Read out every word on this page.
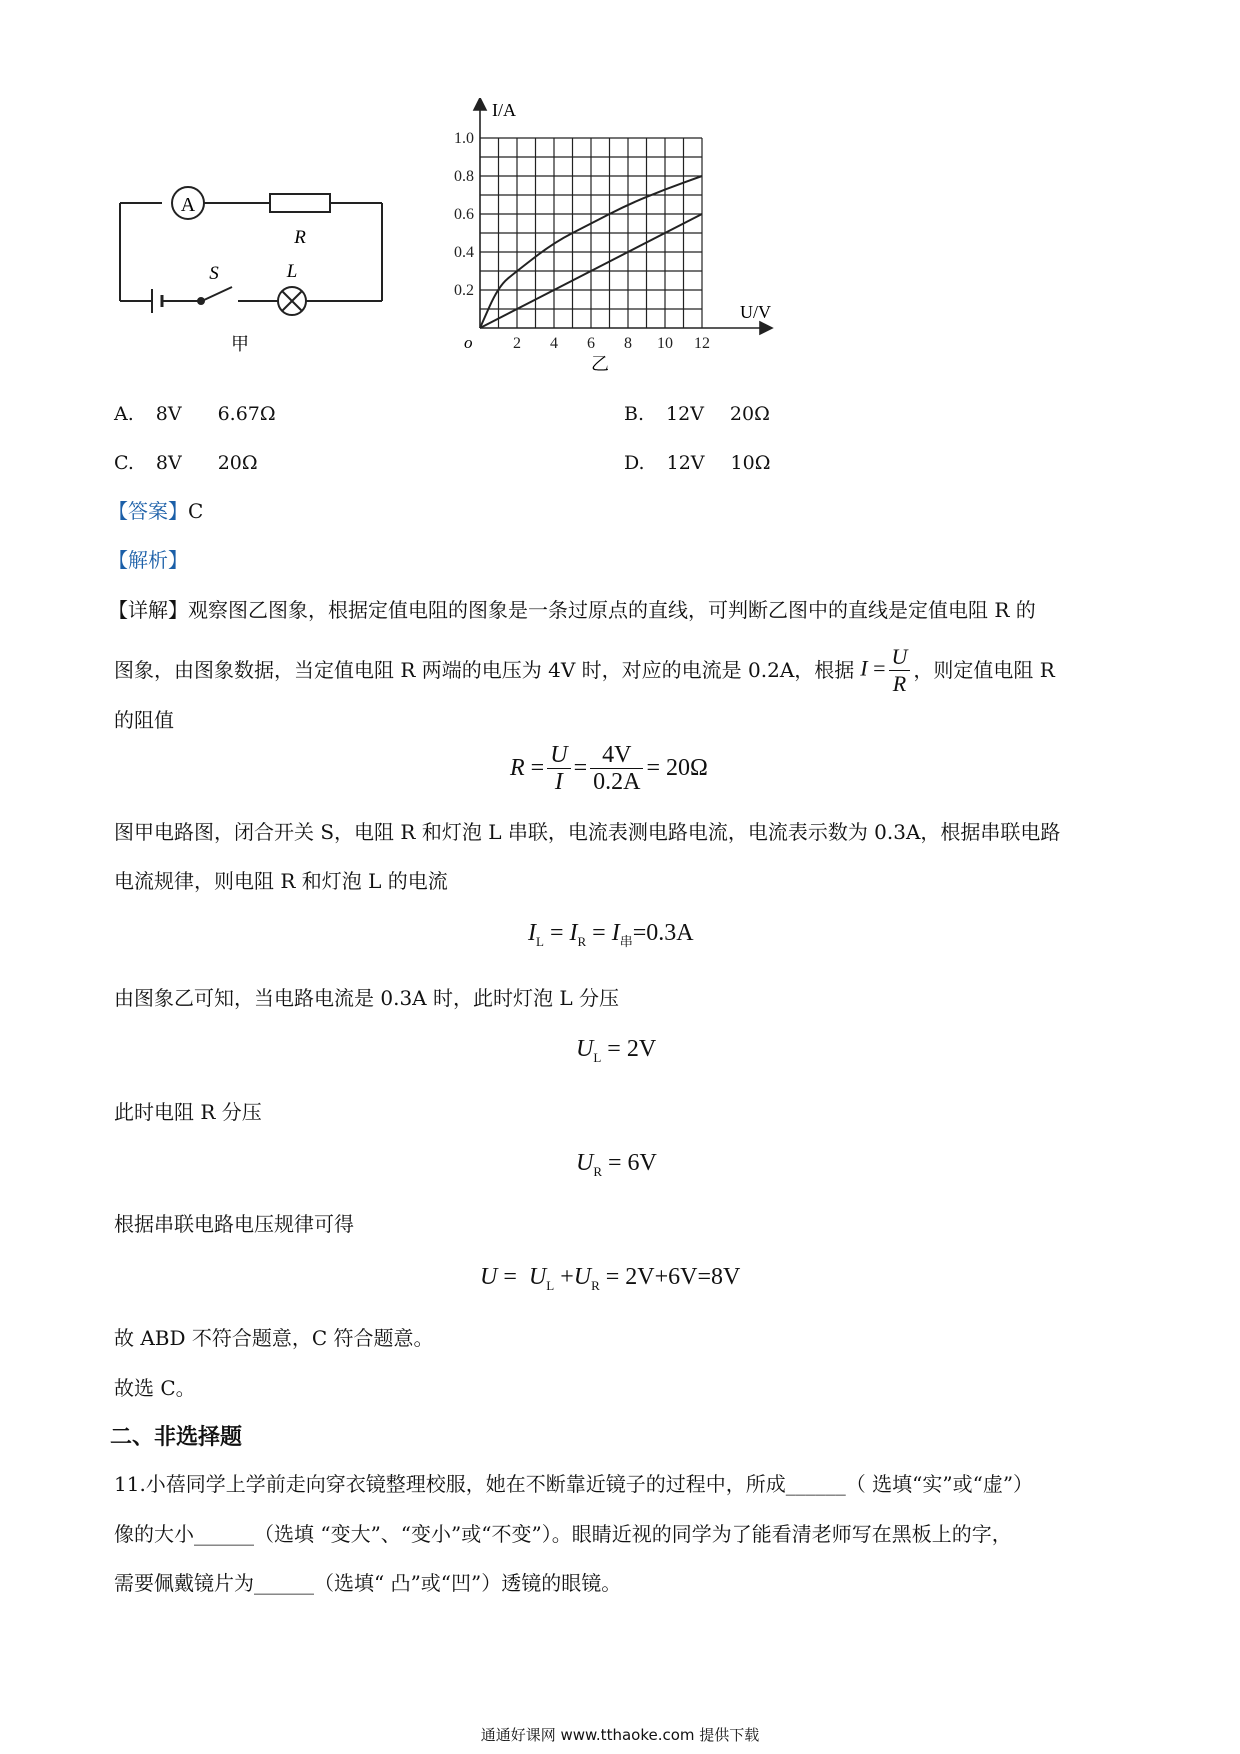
A
R
S	L
甲	2 4 6 8 10 12
0.2
0.4
0.6
0.8
1.0
I/A
U/V
o
乙
A. 8V 6.67Ω	B. 12V 20Ω
C. 8V 20Ω	D. 12V 10Ω
【答案】C
【解析】
【详解】观察图乙图象，根据定值电阻的图象是一条过原点的直线，可判断乙图中的直线是定值电阻 R 的
图象，由图象数据，当定值电阻 R 两端的电压为 4V 时，对应的电流是 0.2A，根据 $I = \frac{U}{R}$ ，则定值电阻 R
的阻值
$R = \frac{U}{I} = \frac{4V}{0.2A} = 20\Omega$
图甲电路图，闭合开关 S，电阻 R 和灯泡 L 串联，电流表测电路电流，电流表示数为 0.3A，根据串联电路
电流规律，则电阻 R 和灯泡 L 的电流
$I_L = I_R = I_串=0.3A$
由图象乙可知，当电路电流是 0.3A 时，此时灯泡 L 分压
$U_L = 2V$
此时电阻 R 分压
$U_R = 6V$
根据串联电路电压规律可得
$U = U_L +U_R = 2V+6V=8V$
故 ABD 不符合题意，C 符合题意。
故选 C。
二、非选择题
11.小蓓同学上学前走向穿衣镜整理校服，她在不断靠近镜子的过程中，所成______（ 选填“实”或“虚”）
像的大小______（选填 “变大”、“变小”或“不变”）。眼睛近视的同学为了能看清老师写在黑板上的字，
需要佩戴镜片为______（选填“ 凸”或“凹”）透镜的眼镜。
通通好课网 www.tthaoke.com 提供下载
